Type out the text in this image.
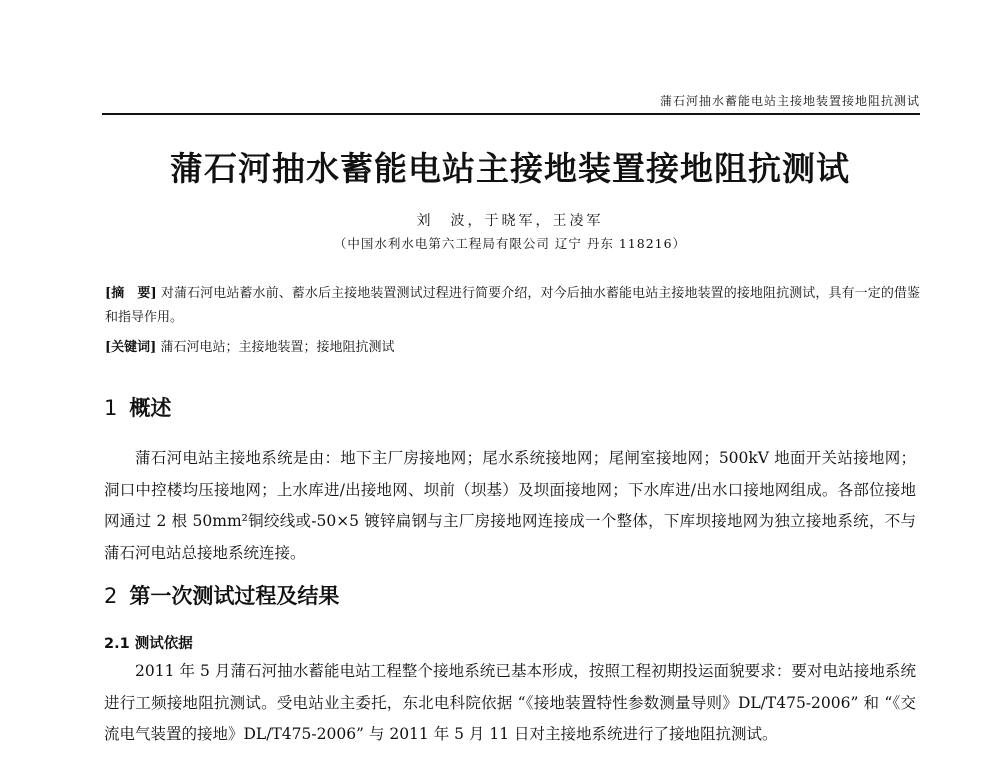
蒲石河抽水蓄能电站主接地装置接地阻抗测试
蒲石河抽水蓄能电站主接地装置接地阻抗测试
刘　波，于晓军，王凌军
（中国水利水电第六工程局有限公司 辽宁 丹东 118216）
[摘　要] 对蒲石河电站蓄水前、蓄水后主接地装置测试过程进行简要介绍，对今后抽水蓄能电站主接地装置的接地阻抗测试，具有一定的借鉴和指导作用。
[关键词] 蒲石河电站；主接地装置；接地阻抗测试
1 概述
蒲石河电站主接地系统是由：地下主厂房接地网；尾水系统接地网；尾闸室接地网；500kV 地面开关站接地网；洞口中控楼均压接地网；上水库进/出接地网、坝前（坝基）及坝面接地网；下水库进/出水口接地网组成。各部位接地网通过 2 根 50mm²铜绞线或-50×5 镀锌扁钢与主厂房接地网连接成一个整体，下库坝接地网为独立接地系统，不与蒲石河电站总接地系统连接。
2 第一次测试过程及结果
2.1 测试依据
2011 年 5 月蒲石河抽水蓄能电站工程整个接地系统已基本形成，按照工程初期投运面貌要求：要对电站接地系统进行工频接地阻抗测试。受电站业主委托，东北电科院依据 “《接地装置特性参数测量导则》DL/T475-2006” 和 “《交流电气装置的接地》DL/T475-2006” 与 2011 年 5 月 11 日对主接地系统进行了接地阻抗测试。
